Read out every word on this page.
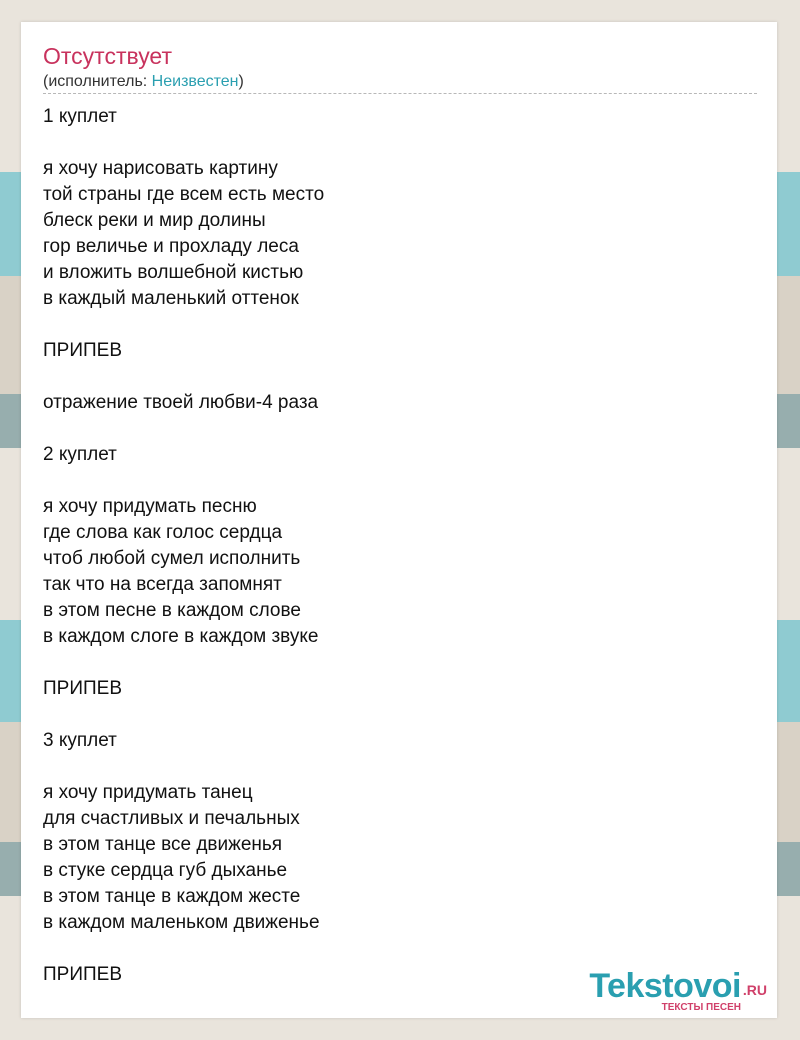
Отсутствует
(исполнитель: Неизвестен)
1 куплет
я хочу нарисовать картину
той страны где всем есть место
блеск реки и мир долины
гор величье и прохладу леса
и вложить волшебной кистью
в каждый маленький оттенок
ПРИПЕВ
отражение твоей любви-4 раза
2 куплет
я хочу придумать песню
где слова как голос сердца
чтоб любой сумел исполнить
так что на всегда запомнят
в этом песне в каждом слове
в каждом слоге в каждом звуке
ПРИПЕВ
3 куплет
я хочу придумать танец
для счастливых и печальных
в этом танце все движенья
в стуке сердца губ дыханье
в этом танце в каждом жесте
в каждом маленьком движенье
ПРИПЕВ	Tekstovoi .RU
ТЕКСТЫ ПЕСЕН
